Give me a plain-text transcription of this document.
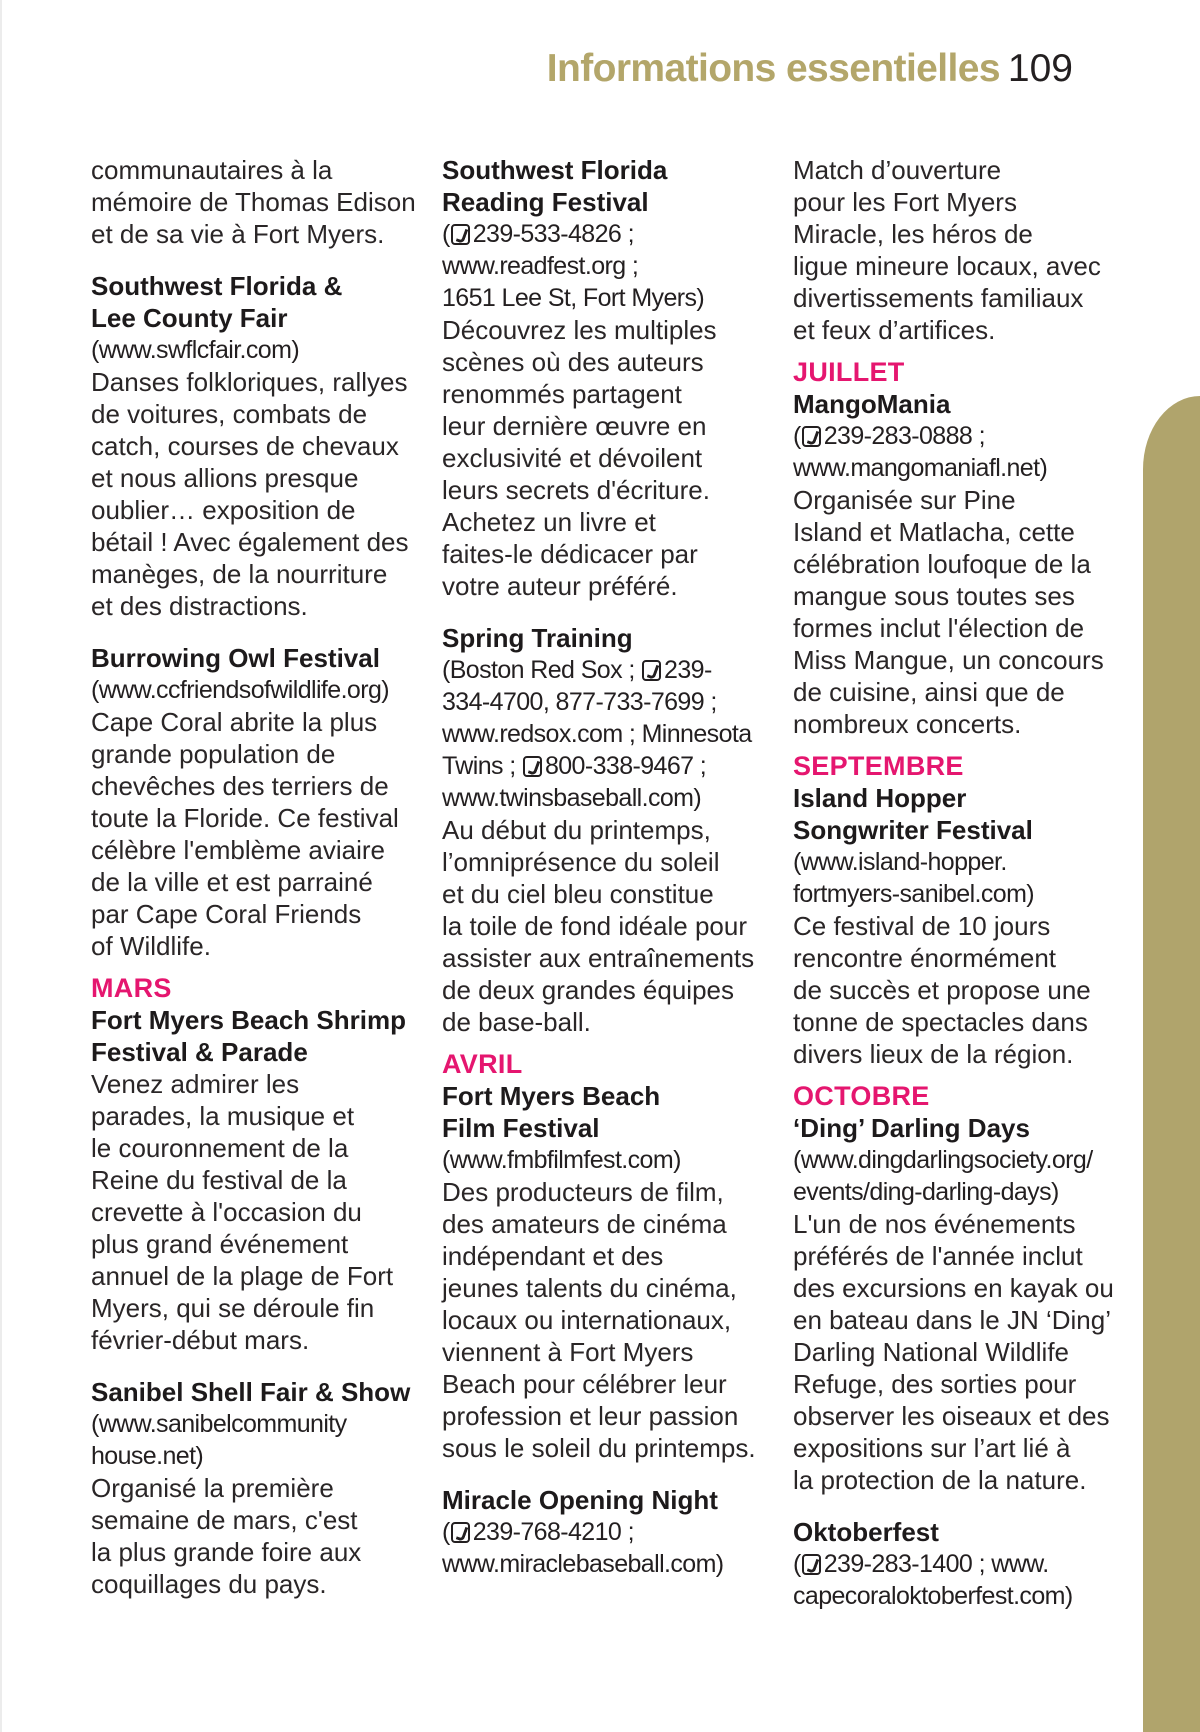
Informations essentielles 109
communautaires à la
mémoire de Thomas Edison
et de sa vie à Fort Myers.
Southwest Florida &
Lee County Fair
(www.swflcfair.com)
Danses folkloriques, rallyes
de voitures, combats de
catch, courses de chevaux
et nous allions presque
oublier… exposition de
bétail ! Avec également des
manèges, de la nourriture
et des distractions.
Burrowing Owl Festival
(www.ccfriendsofwildlife.org)
Cape Coral abrite la plus
grande population de
chevêches des terriers de
toute la Floride. Ce festival
célèbre l'emblème aviaire
de la ville et est parrainé
par Cape Coral Friends
of Wildlife.
MARS
Fort Myers Beach Shrimp
Festival & Parade
Venez admirer les
parades, la musique et
le couronnement de la
Reine du festival de la
crevette à l'occasion du
plus grand événement
annuel de la plage de Fort
Myers, qui se déroule fin
février-début mars.
Sanibel Shell Fair & Show
(www.sanibelcommunity
house.net)
Organisé la première
semaine de mars, c'est
la plus grande foire aux
coquillages du pays.
Southwest Florida
Reading Festival
( 239-533-4826 ;
www.readfest.org ;
1651 Lee St, Fort Myers)
Découvrez les multiples
scènes où des auteurs
renommés partagent
leur dernière œuvre en
exclusivité et dévoilent
leurs secrets d'écriture.
Achetez un livre et
faites-le dédicacer par
votre auteur préféré.
Spring Training
(Boston Red Sox ; 239-
334-4700, 877-733-7699 ;
www.redsox.com ; Minnesota
Twins ; 800-338-9467 ;
www.twinsbaseball.com)
Au début du printemps,
l’omniprésence du soleil
et du ciel bleu constitue
la toile de fond idéale pour
assister aux entraînements
de deux grandes équipes
de base-ball.
AVRIL
Fort Myers Beach
Film Festival
(www.fmbfilmfest.com)
Des producteurs de film,
des amateurs de cinéma
indépendant et des
jeunes talents du cinéma,
locaux ou internationaux,
viennent à Fort Myers
Beach pour célébrer leur
profession et leur passion
sous le soleil du printemps.
Miracle Opening Night
( 239-768-4210 ;
www.miraclebaseball.com)
Match d’ouverture
pour les Fort Myers
Miracle, les héros de
ligue mineure locaux, avec
divertissements familiaux
et feux d’artifices.
JUILLET
MangoMania
( 239-283-0888 ;
www.mangomaniafl.net)
Organisée sur Pine
Island et Matlacha, cette
célébration loufoque de la
mangue sous toutes ses
formes inclut l'élection de
Miss Mangue, un concours
de cuisine, ainsi que de
nombreux concerts.
SEPTEMBRE
Island Hopper
Songwriter Festival
(www.island-hopper.
fortmyers-sanibel.com)
Ce festival de 10 jours
rencontre énormément
de succès et propose une
tonne de spectacles dans
divers lieux de la région.
OCTOBRE
‘Ding’ Darling Days
(www.dingdarlingsociety.org/
events/ding-darling-days)
L'un de nos événements
préférés de l'année inclut
des excursions en kayak ou
en bateau dans le JN ‘Ding’
Darling National Wildlife
Refuge, des sorties pour
observer les oiseaux et des
expositions sur l’art lié à
la protection de la nature.
Oktoberfest
( 239-283-1400 ; www.
capecoraloktoberfest.com)
